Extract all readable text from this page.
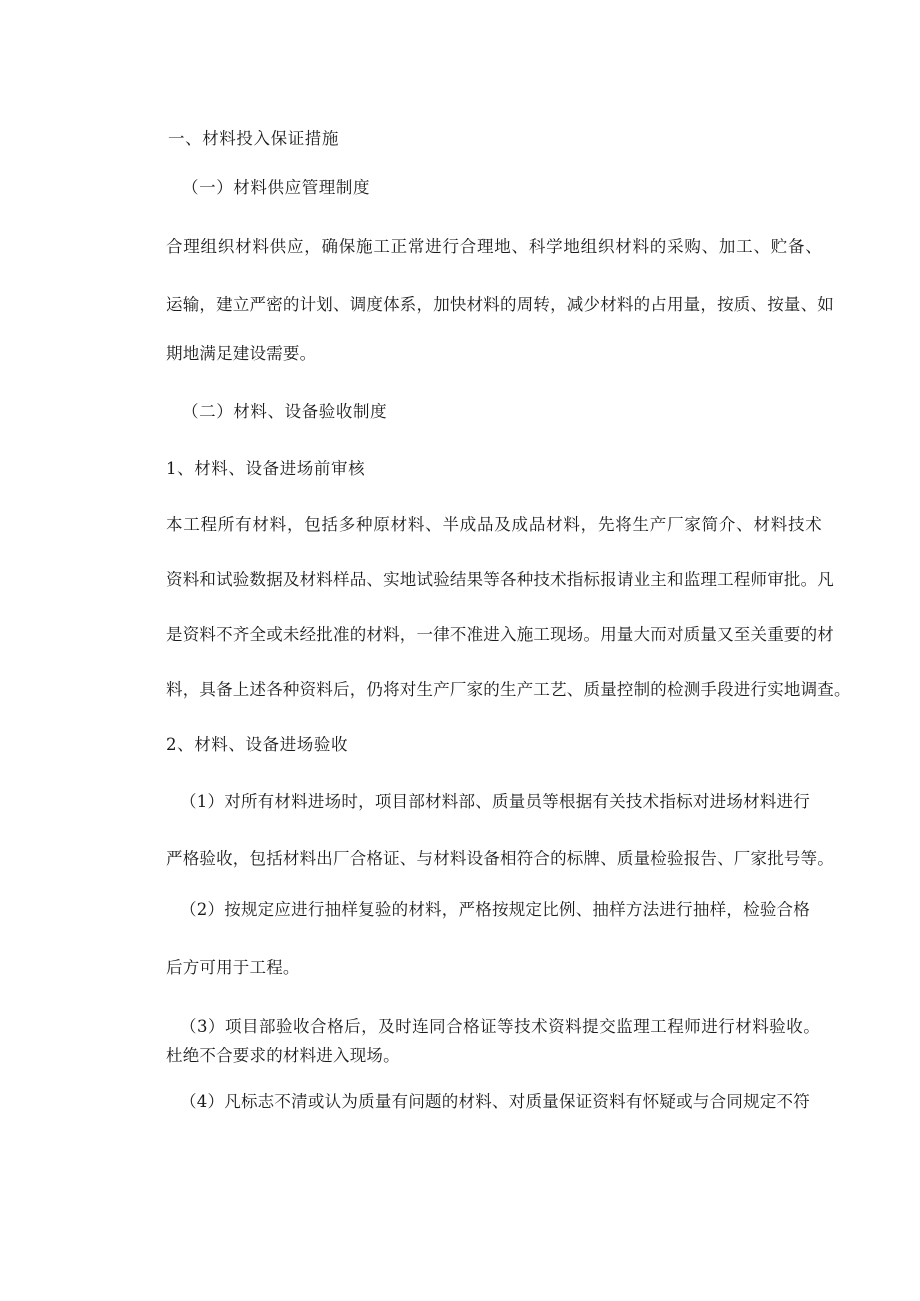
一、材料投入保证措施
（一）材料供应管理制度
合理组织材料供应，确保施工正常进行合理地、科学地组织材料的采购、加工、贮备、
运输，建立严密的计划、调度体系，加快材料的周转，减少材料的占用量，按质、按量、如
期地满足建设需要。
（二）材料、设备验收制度
1、材料、设备进场前审核
本工程所有材料，包括多种原材料、半成品及成品材料，先将生产厂家简介、材料技术
资料和试验数据及材料样品、实地试验结果等各种技术指标报请业主和监理工程师审批。凡
是资料不齐全或未经批准的材料，一律不准进入施工现场。用量大而对质量又至关重要的材
料，具备上述各种资料后，仍将对生产厂家的生产工艺、质量控制的检测手段进行实地调查。
2、材料、设备进场验收
（1）对所有材料进场时，项目部材料部、质量员等根据有关技术指标对进场材料进行
严格验收，包括材料出厂合格证、与材料设备相符合的标牌、质量检验报告、厂家批号等。
（2）按规定应进行抽样复验的材料，严格按规定比例、抽样方法进行抽样，检验合格
后方可用于工程。
（3）项目部验收合格后，及时连同合格证等技术资料提交监理工程师进行材料验收。
杜绝不合要求的材料进入现场。
（4）凡标志不清或认为质量有问题的材料、对质量保证资料有怀疑或与合同规定不符
